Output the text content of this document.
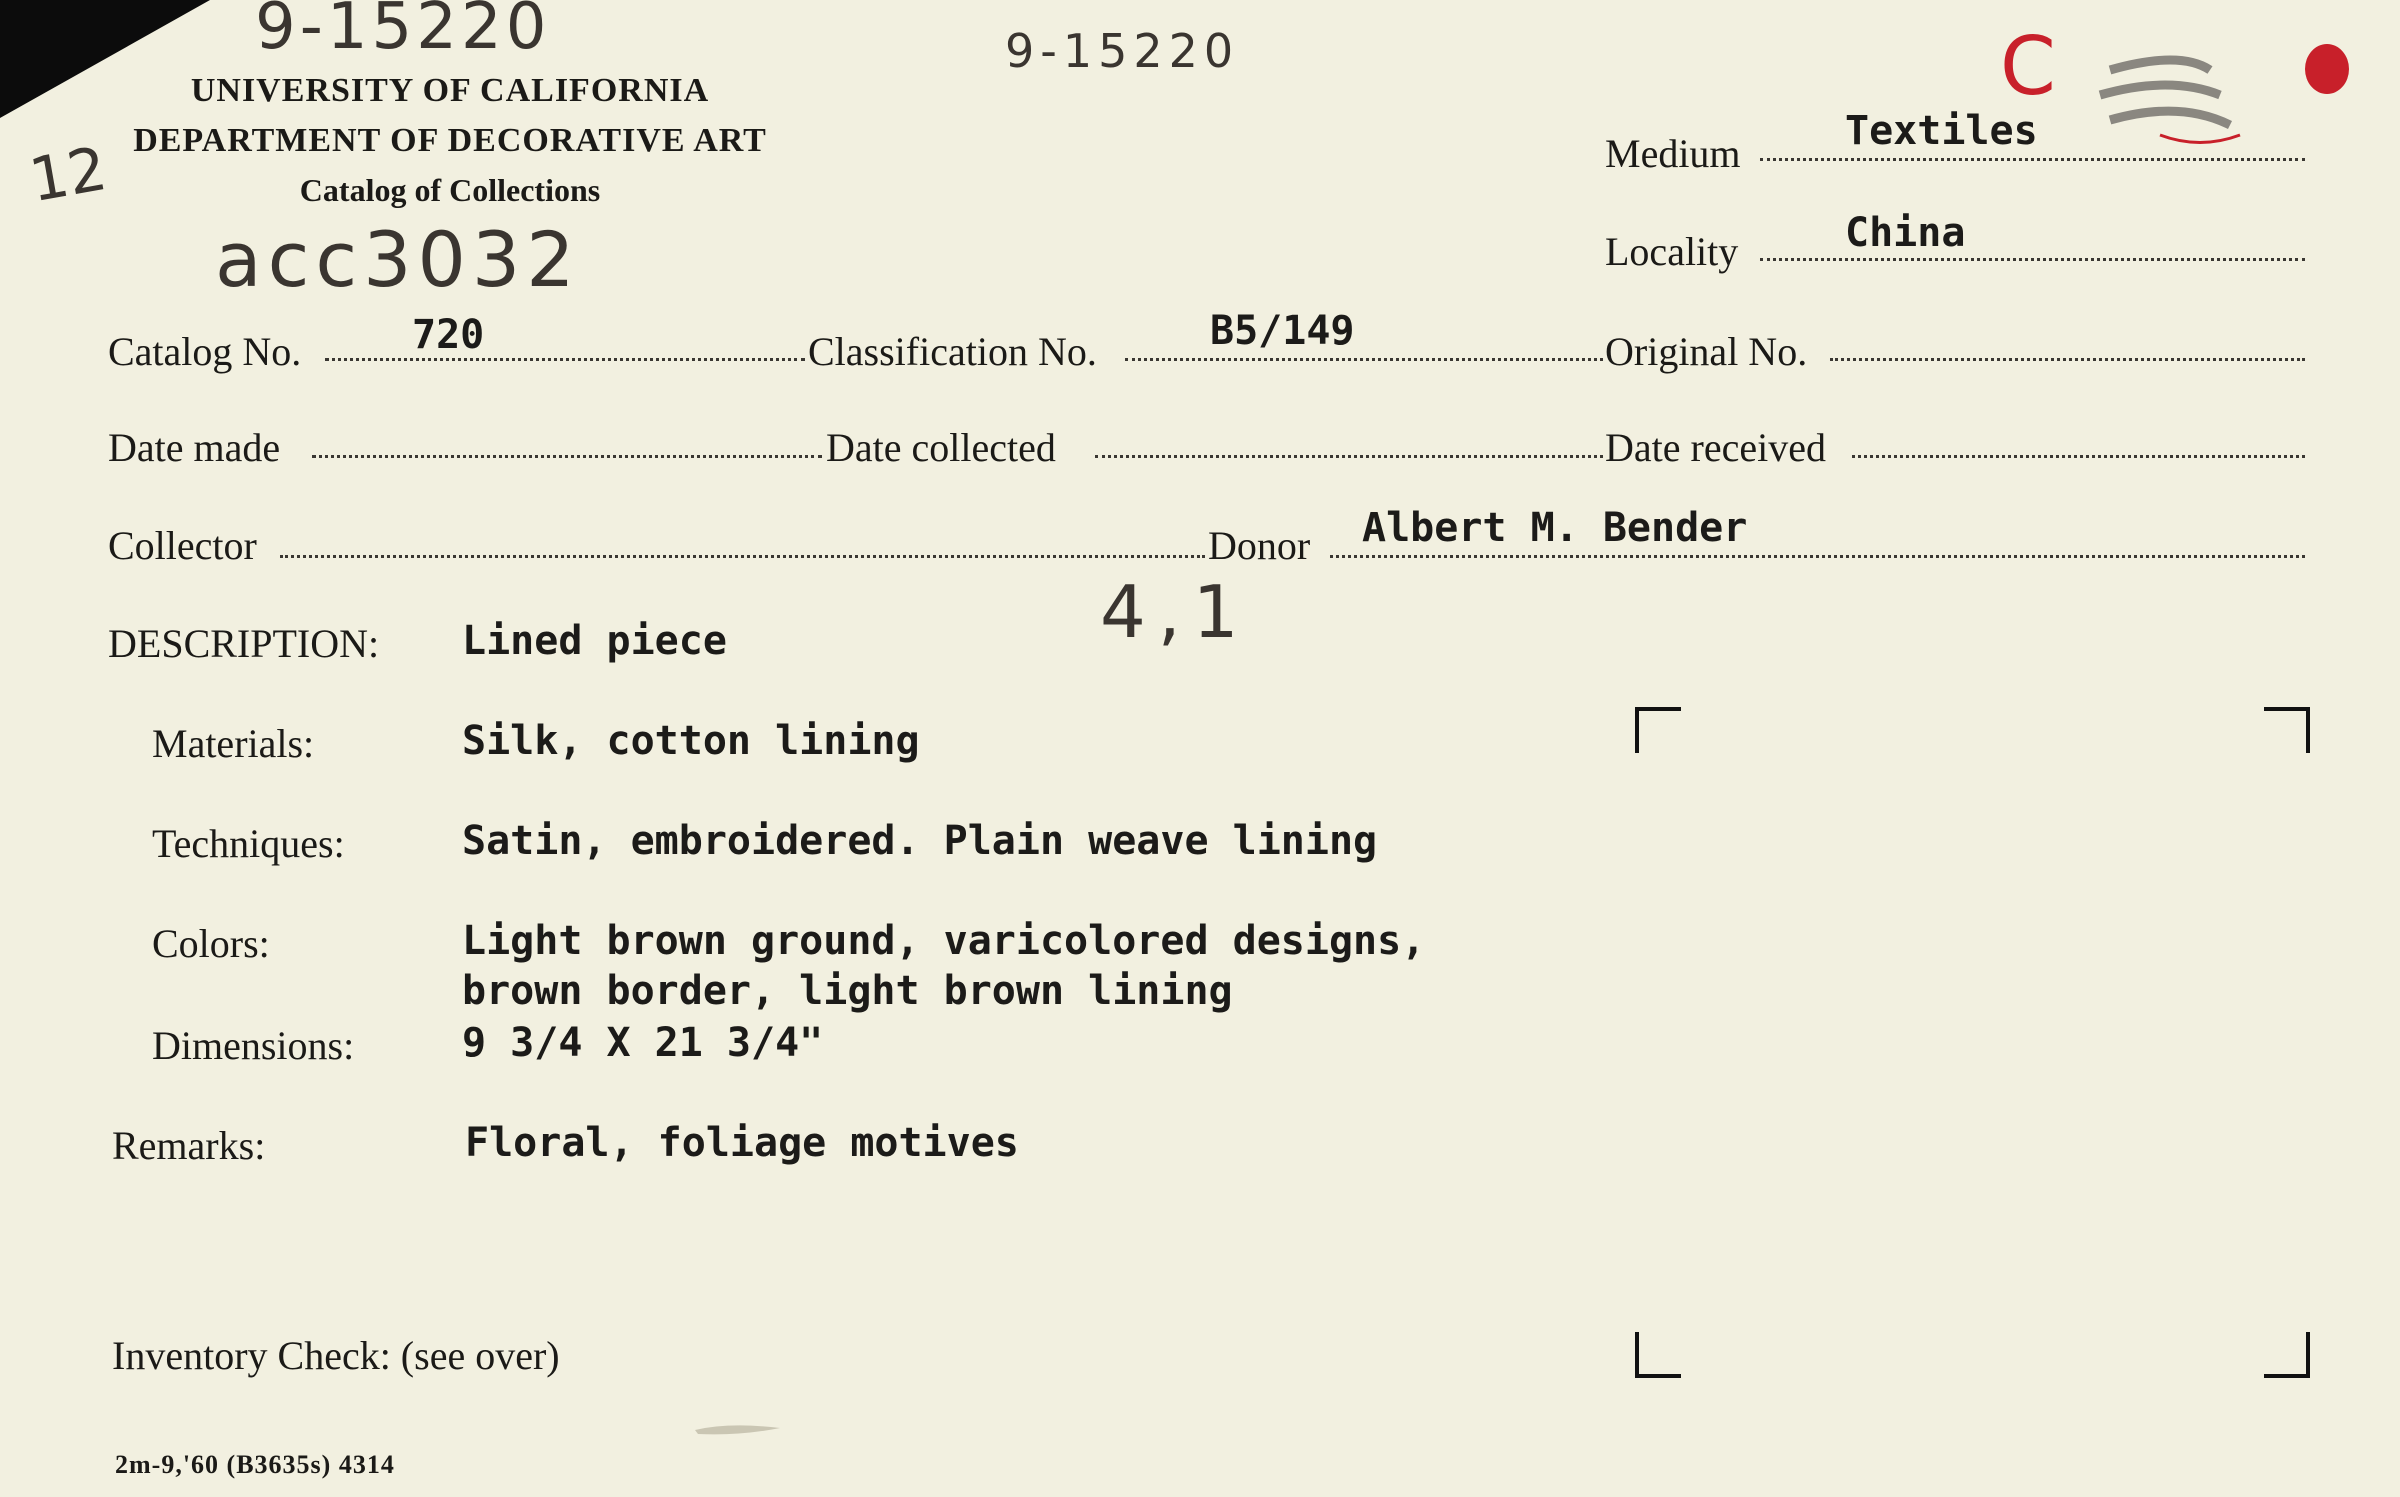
9-15220	9-15220
acc3032
12
C
4,1
UNIVERSITY OF CALIFORNIA
DEPARTMENT OF DECORATIVE ART
Catalog of Collections
Medium	Textiles
Locality	China
Catalog No.	720	Classification No.	B5/149	Original No.
Date made	Date collected	Date received
Collector	Donor Albert M. Bender
DESCRIPTION: Lined piece
Materials:	Silk, cotton lining
Techniques:	Satin, embroidered. Plain weave lining
Colors:	Light brown ground, varicolored designs,
brown border, light brown lining
Dimensions:	9 3/4 X 21 3/4"
Remarks:	Floral, foliage motives
Inventory Check: (see over)
2m-9,'60 (B3635s) 4314
